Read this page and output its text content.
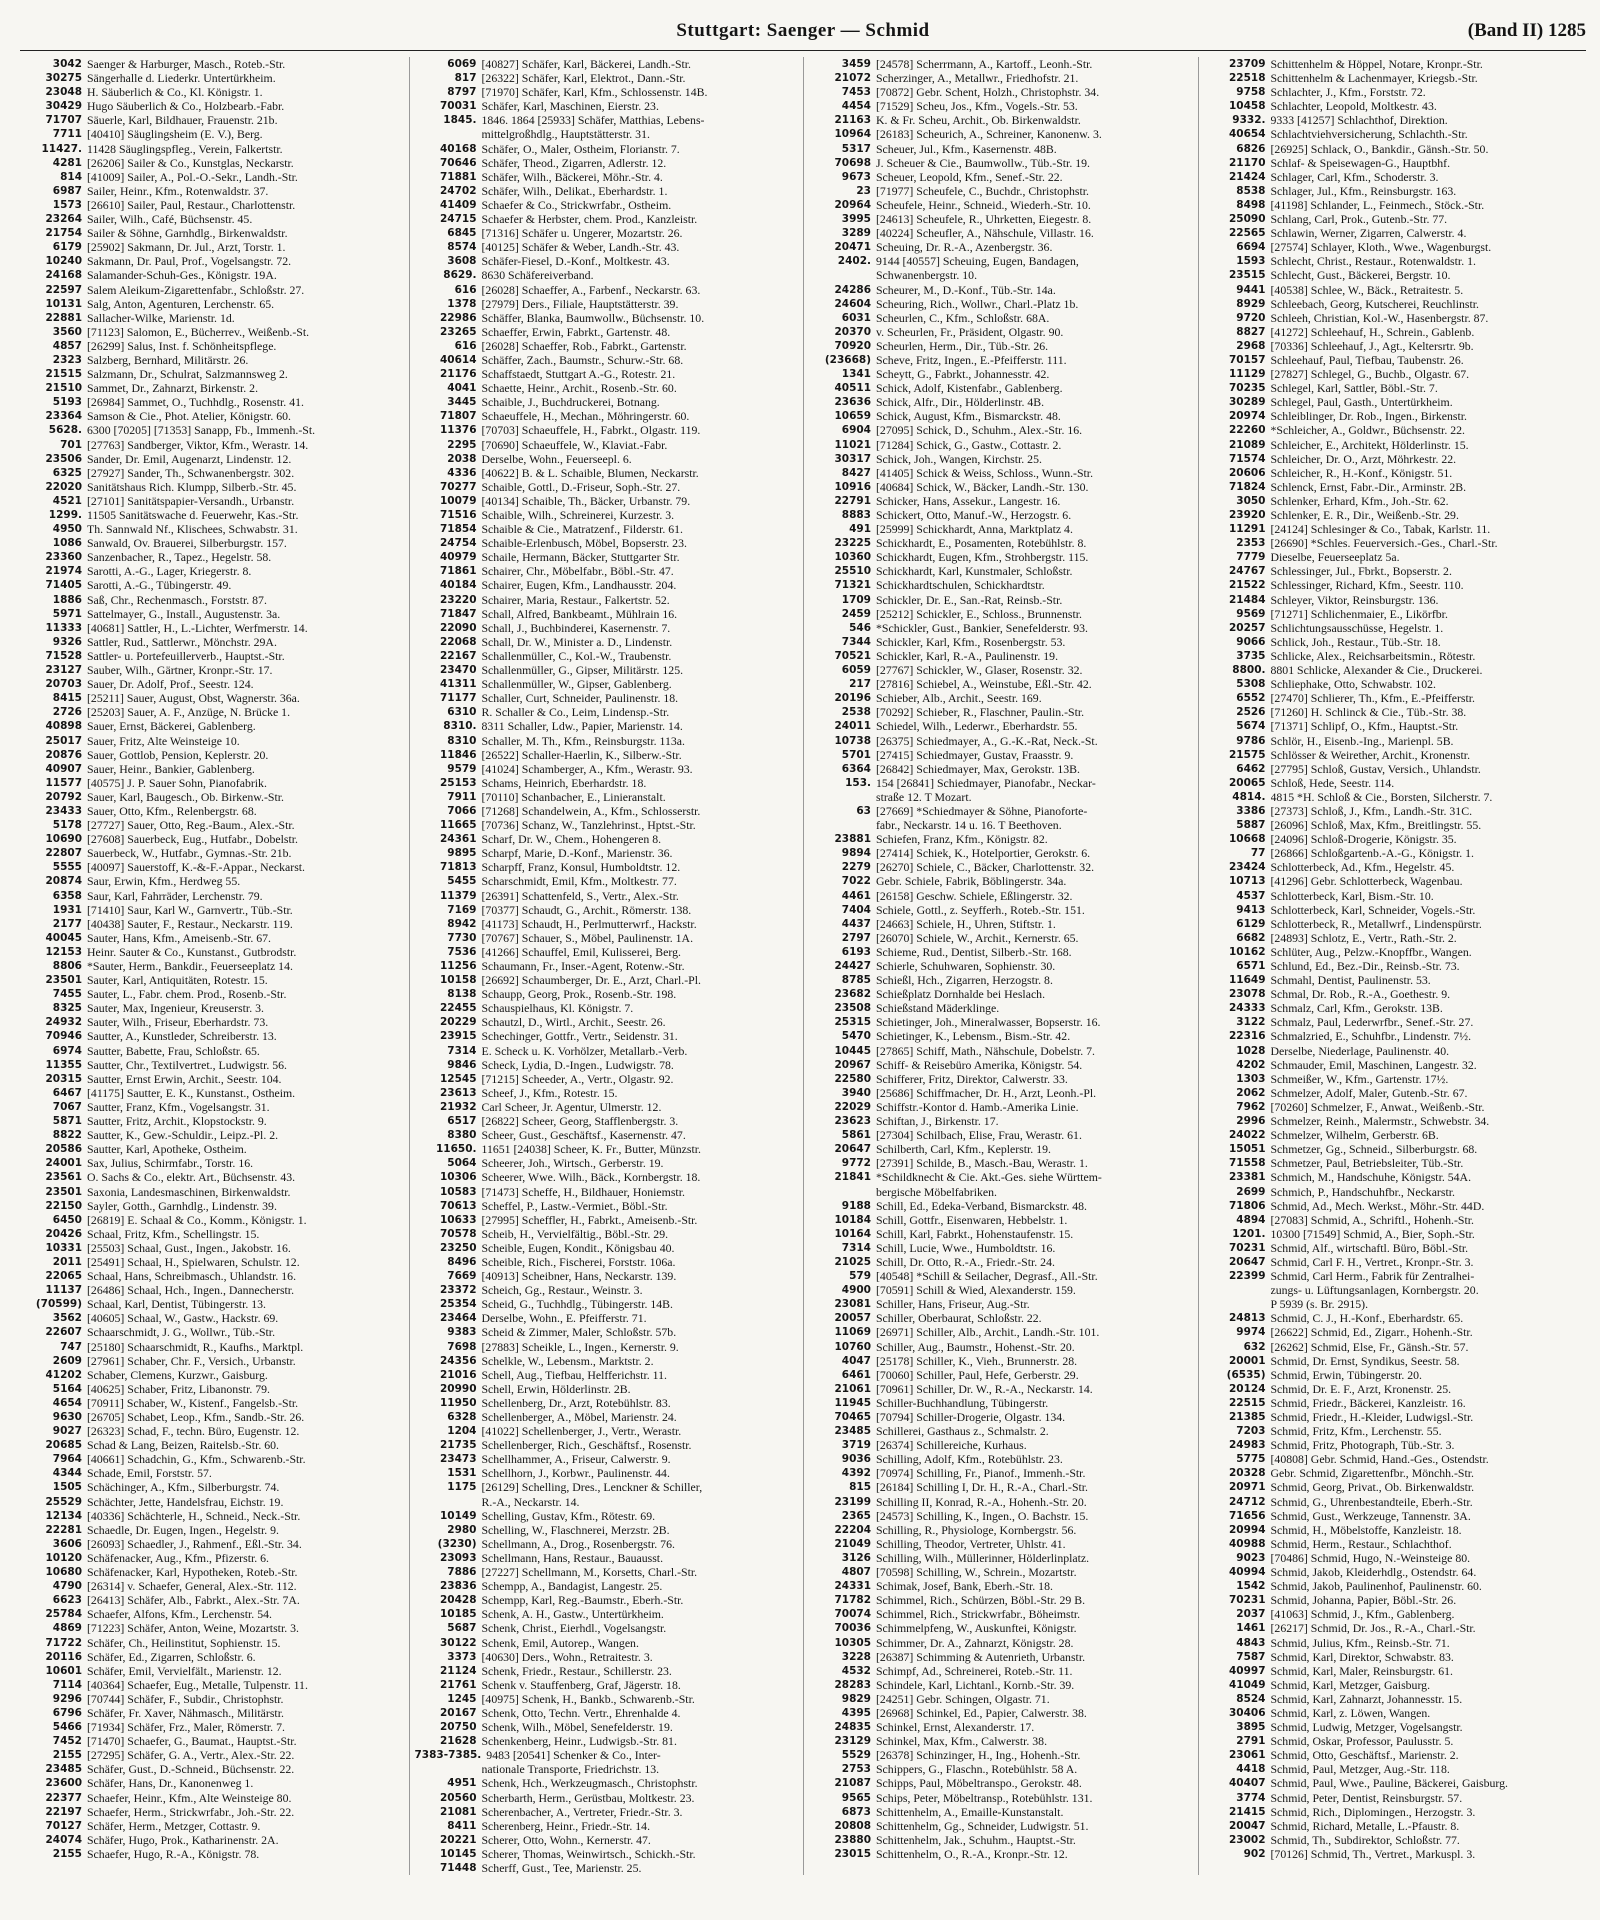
Stuttgart: Saenger — Schmid	(Band II) 1285
3042 Saenger & Harburger, Masch., Roteb.-Str.
30275 Sängerhalle d. Liederkr. Untertürkheim.
23048 H. Säuberlich & Co., Kl. Königstr. 1.
30429 Hugo Säuberlich & Co., Holzbearb.-Fabr.
71707 Säuerle, Karl, Bildhauer, Frauenstr. 21b.
7711 [40410] Säuglingsheim (E. V.), Berg.
11427. 11428 Säuglingspfleg., Verein, Falkertstr.
4281 [26206] Sailer & Co., Kunstglas, Neckarstr.
814 [41009] Sailer, A., Pol.-O.-Sekr., Landh.-Str.
6987 Sailer, Heinr., Kfm., Rotenwaldstr. 37.
1573 [26610] Sailer, Paul, Restaur., Charlottenstr.
23264 Sailer, Wilh., Café, Büchsenstr. 45.
21754 Sailer & Söhne, Garnhdlg., Birkenwaldstr.
6179 [25902] Sakmann, Dr. Jul., Arzt, Torstr. 1.
10240 Sakmann, Dr. Paul, Prof., Vogelsangstr. 72.
24168 Salamander-Schuh-Ges., Königstr. 19A.
22597 Salem Aleikum-Zigarettenfabr., Schloßstr. 27.
10131 Salg, Anton, Agenturen, Lerchenstr. 65.
22881 Sallacher-Wilke, Marienstr. 1d.
3560 [71123] Salomon, E., Bücherrev., Weißenb.-St.
4857 [26299] Salus, Inst. f. Schönheitspflege.
2323 Salzberg, Bernhard, Militärstr. 26.
21515 Salzmann, Dr., Schulrat, Salzmannsweg 2.
21510 Sammet, Dr., Zahnarzt, Birkenstr. 2.
5193 [26984] Sammet, O., Tuchhdlg., Rosenstr. 41.
23364 Samson & Cie., Phot. Atelier, Königstr. 60.
5628. 6300 [70205] [71353] Sanapp, Fb., Immenh.-St.
701 [27763] Sandberger, Viktor, Kfm., Werastr. 14.
23506 Sander, Dr. Emil, Augenarzt, Lindenstr. 12.
6325 [27927] Sander, Th., Schwanenbergstr. 302.
22020 Sanitätshaus Rich. Klumpp, Silberb.-Str. 45.
4521 [27101] Sanitätspapier-Versandh., Urbanstr.
1299. 11505 Sanitätswache d. Feuerwehr, Kas.-Str.
4950 Th. Sannwald Nf., Klischees, Schwabstr. 31.
1086 Sanwald, Ov. Brauerei, Silberburgstr. 157.
23360 Sanzenbacher, R., Tapez., Hegelstr. 58.
21974 Sarotti, A.-G., Lager, Kriegerstr. 8.
71405 Sarotti, A.-G., Tübingerstr. 49.
1886 Saß, Chr., Rechenmasch., Forststr. 87.
5971 Sattelmayer, G., Install., Augustenstr. 3a.
11333 [40681] Sattler, H., L.-Lichter, Werfmerstr. 14.
9326 Sattler, Rud., Sattlerwr., Mönchstr. 29A.
71528 Sattler- u. Portefeuillerverb., Hauptst.-Str.
23127 Sauber, Wilh., Gärtner, Kronpr.-Str. 17.
20703 Sauer, Dr. Adolf, Prof., Seestr. 124.
8415 [25211] Sauer, August, Obst, Wagnerstr. 36a.
2726 [25203] Sauer, A. F., Anzüge, N. Brücke 1.
40898 Sauer, Ernst, Bäckerei, Gablenberg.
25017 Sauer, Fritz, Alte Weinsteige 10.
20876 Sauer, Gottlob, Pension, Keplerstr. 20.
40907 Sauer, Heinr., Bankier, Gablenberg.
11577 [40575] J. P. Sauer Sohn, Pianofabrik.
20792 Sauer, Karl, Baugesch., Ob. Birkenw.-Str.
23433 Sauer, Otto, Kfm., Relenbergstr. 68.
5178 [27727] Sauer, Otto, Reg.-Baum., Alex.-Str.
10690 [27608] Sauerbeck, Eug., Hutfabr., Dobelstr.
22807 Sauerbeck, W., Hutfabr., Gymnas.-Str. 21b.
5555 [40097] Sauerstoff, K.-&-F.-Appar., Neckarst.
20874 Saur, Erwin, Kfm., Herdweg 55.
6358 Saur, Karl, Fahrräder, Lerchenstr. 79.
1931 [71410] Saur, Karl W., Garnvertr., Tüb.-Str.
2177 [40438] Sauter, F., Restaur., Neckarstr. 119.
40045 Sauter, Hans, Kfm., Ameisenb.-Str. 67.
12153 Heinr. Sauter & Co., Kunstanst., Gutbrodstr.
8806 *Sauter, Herm., Bankdir., Feuerseeplatz 14.
23501 Sauter, Karl, Antiquitäten, Rotestr. 15.
7455 Sauter, L., Fabr. chem. Prod., Rosenb.-Str.
8325 Sauter, Max, Ingenieur, Kreuserstr. 3.
24932 Sauter, Wilh., Friseur, Eberhardstr. 73.
70946 Sautter, A., Kunstleder, Schreiberstr. 13.
6974 Sautter, Babette, Frau, Schloßstr. 65.
11355 Sautter, Chr., Textilvertret., Ludwigstr. 56.
20315 Sautter, Ernst Erwin, Archit., Seestr. 104.
6467 [41175] Sautter, E. K., Kunstanst., Ostheim.
7067 Sautter, Franz, Kfm., Vogelsangstr. 31.
5871 Sautter, Fritz, Archit., Klopstockstr. 9.
8822 Sautter, K., Gew.-Schuldir., Leipz.-Pl. 2.
20586 Sautter, Karl, Apotheke, Ostheim.
24001 Sax, Julius, Schirmfabr., Torstr. 16.
23561 O. Sachs & Co., elektr. Art., Büchsenstr. 43.
23501 Saxonia, Landesmaschinen, Birkenwaldstr.
22150 Sayler, Gotth., Garnhdlg., Lindenstr. 39.
6450 [26819] E. Schaal & Co., Komm., Königstr. 1.
20426 Schaal, Fritz, Kfm., Schellingstr. 15.
10331 [25503] Schaal, Gust., Ingen., Jakobstr. 16.
2011 [25491] Schaal, H., Spielwaren, Schulstr. 12.
22065 Schaal, Hans, Schreibmasch., Uhlandstr. 16.
11137 [26486] Schaal, Hch., Ingen., Dannecherstr.
(70599) Schaal, Karl, Dentist, Tübingerstr. 13.
3562 [40605] Schaal, W., Gastw., Hackstr. 69.
22607 Schaarschmidt, J. G., Wollwr., Tüb.-Str.
747 [25180] Schaarschmidt, R., Kaufhs., Marktpl.
2609 [27961] Schaber, Chr. F., Versich., Urbanstr.
41202 Schaber, Clemens, Kurzwr., Gaisburg.
5164 [40625] Schaber, Fritz, Libanonstr. 79.
4654 [70911] Schaber, W., Kistenf., Fangelsb.-Str.
9630 [26705] Schabet, Leop., Kfm., Sandb.-Str. 26.
9027 [26323] Schad, F., techn. Büro, Eugenstr. 12.
20685 Schad & Lang, Beizen, Raitelsb.-Str. 60.
7964 [40661] Schadchin, G., Kfm., Schwarenb.-Str.
4344 Schade, Emil, Forststr. 57.
1505 Schächinger, A., Kfm., Silberburgstr. 74.
25529 Schächter, Jette, Handelsfrau, Eichstr. 19.
12134 [40336] Schächterle, H., Schneid., Neck.-Str.
22281 Schaedle, Dr. Eugen, Ingen., Hegelstr. 9.
3606 [26093] Schaedler, J., Rahmenf., Eßl.-Str. 34.
10120 Schäfenacker, Aug., Kfm., Pfizerstr. 6.
10680 Schäfenacker, Karl, Hypotheken, Roteb.-Str.
4790 [26314] v. Schaefer, General, Alex.-Str. 112.
6623 [26413] Schäfer, Alb., Fabrkt., Alex.-Str. 7A.
25784 Schaefer, Alfons, Kfm., Lerchenstr. 54.
4869 [71223] Schäfer, Anton, Weine, Mozartstr. 3.
71722 Schäfer, Ch., Heilinstitut, Sophienstr. 15.
20116 Schäfer, Ed., Zigarren, Schloßstr. 6.
10601 Schäfer, Emil, Vervielfält., Marienstr. 12.
7114 [40364] Schaefer, Eug., Metalle, Tulpenstr. 11.
9296 [70744] Schäfer, F., Subdir., Christophstr.
6796 Schäfer, Fr. Xaver, Nähmasch., Militärstr.
5466 [71934] Schäfer, Frz., Maler, Römerstr. 7.
7452 [71470] Schaefer, G., Baumat., Hauptst.-Str.
2155 [27295] Schäfer, G. A., Vertr., Alex.-Str. 22.
23485 Schäfer, Gust., D.-Schneid., Büchsenstr. 22.
23600 Schäfer, Hans, Dr., Kanonenweg 1.
22377 Schaefer, Heinr., Kfm., Alte Weinsteige 80.
22197 Schaefer, Herm., Strickwrfabr., Joh.-Str. 22.
70127 Schäfer, Herm., Metzger, Cottastr. 9.
24074 Schäfer, Hugo, Prok., Katharinenstr. 2A.
2155 Schaefer, Hugo, R.-A., Königstr. 78.
6069 [40827] Schäfer, Karl, Bäckerei, Landh.-Str.
817 [26322] Schäfer, Karl, Elektrot., Dann.-Str.
8797 [71970] Schäfer, Karl, Kfm., Schlossenstr. 14B.
70031 Schäfer, Karl, Maschinen, Eierstr. 23.
1845. 1846. 1864 [25933] Schäfer, Matthias, Lebens-
mittelgroßhdlg., Hauptstätterstr. 31.
40168 Schäfer, O., Maler, Ostheim, Florianstr. 7.
70646 Schäfer, Theod., Zigarren, Adlerstr. 12.
71881 Schäfer, Wilh., Bäckerei, Möhr.-Str. 4.
24702 Schäfer, Wilh., Delikat., Eberhardstr. 1.
41409 Schaefer & Co., Strickwrfabr., Ostheim.
24715 Schaefer & Herbster, chem. Prod., Kanzleistr.
6845 [71316] Schäfer u. Ungerer, Mozartstr. 26.
8574 [40125] Schäfer & Weber, Landh.-Str. 43.
3608 Schäfer-Fiesel, D.-Konf., Moltkestr. 43.
8629. 8630 Schäfereiverband.
616 [26028] Schaeffer, A., Farbenf., Neckarstr. 63.
1378 [27979] Ders., Filiale, Hauptstätterstr. 39.
22986 Schäffer, Blanka, Baumwollw., Büchsenstr. 10.
23265 Schaeffer, Erwin, Fabrkt., Gartenstr. 48.
616 [26028] Schaeffer, Rob., Fabrkt., Gartenstr.
40614 Schäffer, Zach., Baumstr., Schurw.-Str. 68.
21176 Schaffstaedt, Stuttgart A.-G., Rotestr. 21.
4041 Schaette, Heinr., Archit., Rosenb.-Str. 60.
3445 Schaible, J., Buchdruckerei, Botnang.
71807 Schaeuffele, H., Mechan., Möhringerstr. 60.
11376 [70703] Schaeuffele, H., Fabrkt., Olgastr. 119.
2295 [70690] Schaeuffele, W., Klaviat.-Fabr.
2038 Derselbe, Wohn., Feuerseepl. 6.
4336 [40622] B. & L. Schaible, Blumen, Neckarstr.
70277 Schaible, Gottl., D.-Friseur, Soph.-Str. 27.
10079 [40134] Schaible, Th., Bäcker, Urbanstr. 79.
71516 Schaible, Wilh., Schreinerei, Kurzestr. 3.
71854 Schaible & Cie., Matratzenf., Filderstr. 61.
24754 Schaible-Erlenbusch, Möbel, Bopserstr. 23.
40979 Schaile, Hermann, Bäcker, Stuttgarter Str.
71861 Schairer, Chr., Möbelfabr., Böbl.-Str. 47.
40184 Schairer, Eugen, Kfm., Landhausstr. 204.
23220 Schairer, Maria, Restaur., Falkertstr. 52.
71847 Schall, Alfred, Bankbeamt., Mühlrain 16.
22090 Schall, J., Buchbinderei, Kasernenstr. 7.
22068 Schall, Dr. W., Minister a. D., Lindenstr.
22167 Schallenmüller, C., Kol.-W., Traubenstr.
23470 Schallenmüller, G., Gipser, Militärstr. 125.
41311 Schallenmüller, W., Gipser, Gablenberg.
71177 Schaller, Curt, Schneider, Paulinenstr. 18.
6310 R. Schaller & Co., Leim, Lindensp.-Str.
8310. 8311 Schaller, Ldw., Papier, Marienstr. 14.
8310 Schaller, M. Th., Kfm., Reinsburgstr. 113a.
11846 [26522] Schaller-Haerlin, K., Silberw.-Str.
9579 [41024] Schamberger, A., Kfm., Werastr. 93.
25153 Schams, Heinrich, Eberhardstr. 18.
7911 [70110] Schanbacher, E., Linieranstalt.
7066 [71268] Schandelwein, A., Kfm., Schlosserstr.
11665 [70736] Schanz, W., Tanzlehrinst., Hptst.-Str.
24361 Scharf, Dr. W., Chem., Hohengeren 8.
9895 Scharpf, Marie, D.-Konf., Marienstr. 36.
71813 Scharpff, Franz, Konsul, Humboldtstr. 12.
5455 Scharschmidt, Emil, Kfm., Moltkestr. 77.
11379 [26391] Schattenfeld, S., Vertr., Alex.-Str.
7169 [70377] Schaudt, G., Archit., Römerstr. 138.
8942 [41173] Schaudt, H., Perlmutterwrf., Hackstr.
7730 [70767] Schauer, S., Möbel, Paulinenstr. 1A.
7536 [41266] Schauffel, Emil, Kulisserei, Berg.
11256 Schaumann, Fr., Inser.-Agent, Rotenw.-Str.
10158 [26692] Schaumberger, Dr. E., Arzt, Charl.-Pl.
8138 Schaupp, Georg, Prok., Rosenb.-Str. 198.
22455 Schauspielhaus, Kl. Königstr. 7.
20229 Schautzl, D., Wirtl., Archit., Seestr. 26.
23915 Schechinger, Gottfr., Vertr., Seidenstr. 31.
7314 E. Scheck u. K. Vorhölzer, Metallarb.-Verb.
9846 Scheck, Lydia, D.-Ingen., Ludwigstr. 78.
12545 [71215] Scheeder, A., Vertr., Olgastr. 92.
23613 Scheef, J., Kfm., Rotestr. 15.
21932 Carl Scheer, Jr. Agentur, Ulmerstr. 12.
6517 [26822] Scheer, Georg, Stafflenbergstr. 3.
8380 Scheer, Gust., Geschäftsf., Kasernenstr. 47.
11650. 11651 [24038] Scheer, K. Fr., Butter, Münzstr.
5064 Scheerer, Joh., Wirtsch., Gerberstr. 19.
10306 Scheerer, Wwe. Wilh., Bäck., Kornbergstr. 18.
10583 [71473] Scheffe, H., Bildhauer, Honiemstr.
70613 Scheffel, P., Lastw.-Vermiet., Böbl.-Str.
10633 [27995] Scheffler, H., Fabrkt., Ameisenb.-Str.
70578 Scheib, H., Vervielfältig., Böbl.-Str. 29.
23250 Scheible, Eugen, Kondit., Königsbau 40.
8496 Scheible, Rich., Fischerei, Forststr. 106a.
7669 [40913] Scheibner, Hans, Neckarstr. 139.
23372 Scheich, Gg., Restaur., Weinstr. 3.
25354 Scheid, G., Tuchhdlg., Tübingerstr. 14B.
23464 Derselbe, Wohn., E. Pfeifferstr. 71.
9383 Scheid & Zimmer, Maler, Schloßstr. 57b.
7698 [27883] Scheikle, L., Ingen., Kernerstr. 9.
24356 Schelkle, W., Lebensm., Marktstr. 2.
21016 Schell, Aug., Tiefbau, Helfferichstr. 11.
20990 Schell, Erwin, Hölderlinstr. 2B.
11950 Schellenberg, Dr., Arzt, Rotebühlstr. 83.
6328 Schellenberger, A., Möbel, Marienstr. 24.
1204 [41022] Schellenberger, J., Vertr., Werastr.
21735 Schellenberger, Rich., Geschäftsf., Rosenstr.
23473 Schellhammer, A., Friseur, Calwerstr. 9.
1531 Schellhorn, J., Korbwr., Paulinenstr. 44.
1175 [26129] Schelling, Dres., Lenckner & Schiller,
R.-A., Neckarstr. 14.
10149 Schelling, Gustav, Kfm., Rötestr. 69.
2980 Schelling, W., Flaschnerei, Merzstr. 2B.
(3230) Schellmann, A., Drog., Rosenbergstr. 76.
23093 Schellmann, Hans, Restaur., Bauausst.
7886 [27227] Schellmann, M., Korsetts, Charl.-Str.
23836 Schempp, A., Bandagist, Langestr. 25.
20428 Schempp, Karl, Reg.-Baumstr., Eberh.-Str.
10185 Schenk, A. H., Gastw., Untertürkheim.
5687 Schenk, Christ., Eierhdl., Vogelsangstr.
30122 Schenk, Emil, Autorep., Wangen.
3373 [40630] Ders., Wohn., Retraitestr. 3.
21124 Schenk, Friedr., Restaur., Schillerstr. 23.
21761 Schenk v. Stauffenberg, Graf, Jägerstr. 18.
1245 [40975] Schenk, H., Bankb., Schwarenb.-Str.
20167 Schenk, Otto, Techn. Vertr., Ehrenhalde 4.
20750 Schenk, Wilh., Möbel, Senefelderstr. 19.
21628 Schenkenberg, Heinr., Ludwigsb.-Str. 81.
7383-7385. 9483 [20541] Schenker & Co., Inter-
nationale Transporte, Friedrichstr. 13.
4951 Schenk, Hch., Werkzeugmasch., Christophstr.
20560 Scherbarth, Herm., Gerüstbau, Moltkestr. 23.
21081 Scherenbacher, A., Vertreter, Friedr.-Str. 3.
8411 Scherenberg, Heinr., Friedr.-Str. 14.
20221 Scherer, Otto, Wohn., Kernerstr. 47.
10145 Scherer, Thomas, Weinwirtsch., Schickh.-Str.
71448 Scherff, Gust., Tee, Marienstr. 25.
3459 [24578] Scherrmann, A., Kartoff., Leonh.-Str.
21072 Scherzinger, A., Metallwr., Friedhofstr. 21.
7453 [70872] Gebr. Schent, Holzh., Christophstr. 34.
4454 [71529] Scheu, Jos., Kfm., Vogels.-Str. 53.
21163 K. & Fr. Scheu, Archit., Ob. Birkenwaldstr.
10964 [26183] Scheurich, A., Schreiner, Kanonenw. 3.
5317 Scheuer, Jul., Kfm., Kasernenstr. 48B.
70698 J. Scheuer & Cie., Baumwollw., Tüb.-Str. 19.
9673 Scheuer, Leopold, Kfm., Senef.-Str. 22.
23 [71977] Scheufele, C., Buchdr., Christophstr.
20964 Scheufele, Heinr., Schneid., Wiederh.-Str. 10.
3995 [24613] Scheufele, R., Uhrketten, Eiegestr. 8.
3289 [40224] Scheufler, A., Nähschule, Villastr. 16.
20471 Scheuing, Dr. R.-A., Azenbergstr. 36.
2402. 9144 [40557] Scheuing, Eugen, Bandagen,
Schwanenbergstr. 10.
24286 Scheurer, M., D.-Konf., Tüb.-Str. 14a.
24604 Scheuring, Rich., Wollwr., Charl.-Platz 1b.
6031 Scheurlen, C., Kfm., Schloßstr. 68A.
20370 v. Scheurlen, Fr., Präsident, Olgastr. 90.
70920 Scheurlen, Herm., Dir., Tüb.-Str. 26.
(23668) Scheve, Fritz, Ingen., E.-Pfeifferstr. 111.
1341 Scheytt, G., Fabrkt., Johannesstr. 42.
40511 Schick, Adolf, Kistenfabr., Gablenberg.
23636 Schick, Alfr., Dir., Hölderlinstr. 4B.
10659 Schick, August, Kfm., Bismarckstr. 48.
6904 [27095] Schick, D., Schuhm., Alex.-Str. 16.
11021 [71284] Schick, G., Gastw., Cottastr. 2.
30317 Schick, Joh., Wangen, Kirchstr. 25.
8427 [41405] Schick & Weiss, Schloss., Wunn.-Str.
10916 [40684] Schick, W., Bäcker, Landh.-Str. 130.
22791 Schicker, Hans, Assekur., Langestr. 16.
8883 Schickert, Otto, Manuf.-W., Herzogstr. 6.
491 [25999] Schickhardt, Anna, Marktplatz 4.
23225 Schickhardt, E., Posamenten, Rotebühlstr. 8.
10360 Schickhardt, Eugen, Kfm., Strohbergstr. 115.
25510 Schickhardt, Karl, Kunstmaler, Schloßstr.
71321 Schickhardtschulen, Schickhardtstr.
1709 Schickler, Dr. E., San.-Rat, Reinsb.-Str.
2459 [25212] Schickler, E., Schloss., Brunnenstr.
546 *Schickler, Gust., Bankier, Senefelderstr. 93.
7344 Schickler, Karl, Kfm., Rosenbergstr. 53.
70521 Schickler, Karl, R.-A., Paulinenstr. 19.
6059 [27767] Schickler, W., Glaser, Rosenstr. 32.
217 [27816] Schiebel, A., Weinstube, Eßl.-Str. 42.
20196 Schieber, Alb., Archit., Seestr. 169.
2538 [70292] Schieber, R., Flaschner, Paulin.-Str.
24011 Schiedel, Wilh., Lederwr., Eberhardstr. 55.
10738 [26375] Schiedmayer, A., G.-K.-Rat, Neck.-St.
5701 [27415] Schiedmayer, Gustav, Fraasstr. 9.
6364 [26842] Schiedmayer, Max, Gerokstr. 13B.
153. 154 [26841] Schiedmayer, Pianofabr., Neckar-
straße 12. T Mozart.
63 [27669] *Schiedmayer & Söhne, Pianoforte-
fabr., Neckarstr. 14 u. 16. T Beethoven.
23881 Schiefen, Franz, Kfm., Königstr. 82.
9894 [27414] Schiek, K., Hotelportier, Gerokstr. 6.
2279 [26270] Schiele, C., Bäcker, Charlottenstr. 32.
7022 Gebr. Schiele, Fabrik, Böblingerstr. 34a.
4461 [26158] Geschw. Schiele, Eßlingerstr. 32.
7404 Schiele, Gottl., z. Seyfferh., Roteb.-Str. 151.
4437 [24663] Schiele, H., Uhren, Stiftstr. 1.
2797 [26070] Schiele, W., Archit., Kernerstr. 65.
6193 Schieme, Rud., Dentist, Silberb.-Str. 168.
24427 Schierle, Schuhwaren, Sophienstr. 30.
8785 Schießl, Hch., Zigarren, Herzogstr. 8.
23682 Schießplatz Dornhalde bei Heslach.
23508 Schießstand Mäderklinge.
25315 Schietinger, Joh., Mineralwasser, Bopserstr. 16.
5470 Schietinger, K., Lebensm., Bism.-Str. 42.
10445 [27865] Schiff, Math., Nähschule, Dobelstr. 7.
20967 Schiff- & Reisebüro Amerika, Königstr. 54.
22580 Schifferer, Fritz, Direktor, Calwerstr. 33.
3940 [25686] Schiffmacher, Dr. H., Arzt, Leonh.-Pl.
22029 Schiffstr.-Kontor d. Hamb.-Amerika Linie.
23623 Schiftan, J., Birkenstr. 17.
5861 [27304] Schilbach, Elise, Frau, Werastr. 61.
20647 Schilberth, Carl, Kfm., Keplerstr. 19.
9772 [27391] Schilde, B., Masch.-Bau, Werastr. 1.
21841 *Schildknecht & Cie. Akt.-Ges. siehe Württem-
bergische Möbelfabriken.
9188 Schill, Ed., Edeka-Verband, Bismarckstr. 48.
10184 Schill, Gottfr., Eisenwaren, Hebbelstr. 1.
10164 Schill, Karl, Fabrkt., Hohenstaufenstr. 15.
7314 Schill, Lucie, Wwe., Humboldtstr. 16.
21025 Schill, Dr. Otto, R.-A., Friedr.-Str. 24.
579 [40548] *Schill & Seilacher, Degrasf., All.-Str.
4900 [70591] Schill & Wied, Alexanderstr. 159.
23081 Schiller, Hans, Friseur, Aug.-Str.
20057 Schiller, Oberbaurat, Schloßstr. 22.
11069 [26971] Schiller, Alb., Archit., Landh.-Str. 101.
10760 Schiller, Aug., Baumstr., Hohenst.-Str. 20.
4047 [25178] Schiller, K., Vieh., Brunnerstr. 28.
6461 [70060] Schiller, Paul, Hefe, Gerberstr. 29.
21061 [70961] Schiller, Dr. W., R.-A., Neckarstr. 14.
11945 Schiller-Buchhandlung, Tübingerstr.
70465 [70794] Schiller-Drogerie, Olgastr. 134.
23485 Schillerei, Gasthaus z., Schmalstr. 2.
3719 [26374] Schillereiche, Kurhaus.
9036 Schilling, Adolf, Kfm., Rotebühlstr. 23.
4392 [70974] Schilling, Fr., Pianof., Immenh.-Str.
815 [26184] Schilling I, Dr. H., R.-A., Charl.-Str.
23199 Schilling II, Konrad, R.-A., Hohenh.-Str. 20.
2365 [24573] Schilling, K., Ingen., O. Bachstr. 15.
22204 Schilling, R., Physiologe, Kornbergstr. 56.
21049 Schilling, Theodor, Vertreter, Uhlstr. 41.
3126 Schilling, Wilh., Müllerinner, Hölderlinplatz.
4807 [70598] Schilling, W., Schrein., Mozartstr.
24331 Schimak, Josef, Bank, Eberh.-Str. 18.
71782 Schimmel, Rich., Schürzen, Böbl.-Str. 29 B.
70074 Schimmel, Rich., Strickwrfabr., Böheimstr.
70036 Schimmelpfeng, W., Auskunftei, Königstr.
10305 Schimmer, Dr. A., Zahnarzt, Königstr. 28.
3228 [26387] Schimming & Autenrieth, Urbanstr.
4532 Schimpf, Ad., Schreinerei, Roteb.-Str. 11.
28283 Schindele, Karl, Lichtanl., Kornb.-Str. 39.
9829 [24251] Gebr. Schingen, Olgastr. 71.
4395 [26968] Schinkel, Ed., Papier, Calwerstr. 38.
24835 Schinkel, Ernst, Alexanderstr. 17.
23129 Schinkel, Max, Kfm., Calwerstr. 38.
5529 [26378] Schinzinger, H., Ing., Hohenh.-Str.
2753 Schippers, G., Flaschn., Rotebühlstr. 58 A.
21087 Schipps, Paul, Möbeltranspo., Gerokstr. 48.
9565 Schips, Peter, Möbeltransp., Rotebühlstr. 131.
6873 Schittenhelm, A., Emaille-Kunstanstalt.
20808 Schittenhelm, Gg., Schneider, Ludwigstr. 51.
23880 Schittenhelm, Jak., Schuhm., Hauptst.-Str.
23015 Schittenhelm, O., R.-A., Kronpr.-Str. 12.
23709 Schittenhelm & Höppel, Notare, Kronpr.-Str.
22518 Schittenhelm & Lachenmayer, Kriegsb.-Str.
9758 Schlachter, J., Kfm., Forststr. 72.
10458 Schlachter, Leopold, Moltkestr. 43.
9332. 9333 [41257] Schlachthof, Direktion.
40654 Schlachtviehversicherung, Schlachth.-Str.
6826 [26925] Schlack, O., Bankdir., Gänsh.-Str. 50.
21170 Schlaf- & Speisewagen-G., Hauptbhf.
21424 Schlager, Carl, Kfm., Schoderstr. 3.
8538 Schlager, Jul., Kfm., Reinsburgstr. 163.
8498 [41198] Schlander, L., Feinmech., Stöck.-Str.
25090 Schlang, Carl, Prok., Gutenb.-Str. 77.
22565 Schlawin, Werner, Zigarren, Calwerstr. 4.
6694 [27574] Schlayer, Kloth., Wwe., Wagenburgst.
1593 Schlecht, Christ., Restaur., Rotenwaldstr. 1.
23515 Schlecht, Gust., Bäckerei, Bergstr. 10.
9441 [40538] Schlee, W., Bäck., Retraitestr. 5.
8929 Schleebach, Georg, Kutscherei, Reuchlinstr.
9720 Schleeh, Christian, Kol.-W., Hasenbergstr. 87.
8827 [41272] Schleehauf, H., Schrein., Gablenb.
2968 [70336] Schleehauf, J., Agt., Keltersrtr. 9b.
70157 Schleehauf, Paul, Tiefbau, Taubenstr. 26.
11129 [27827] Schlegel, G., Buchb., Olgastr. 67.
70235 Schlegel, Karl, Sattler, Böbl.-Str. 7.
30289 Schlegel, Paul, Gasth., Untertürkheim.
20974 Schleiblinger, Dr. Rob., Ingen., Birkenstr.
22260 *Schleicher, A., Goldwr., Büchsenstr. 22.
21089 Schleicher, E., Architekt, Hölderlinstr. 15.
71574 Schleicher, Dr. O., Arzt, Möhrkestr. 22.
20606 Schleicher, R., H.-Konf., Königstr. 51.
71824 Schlenck, Ernst, Fabr.-Dir., Arminstr. 2B.
3050 Schlenker, Erhard, Kfm., Joh.-Str. 62.
23920 Schlenker, E. R., Dir., Weißenb.-Str. 29.
11291 [24124] Schlesinger & Co., Tabak, Karlstr. 11.
2353 [26690] *Schles. Feuerversich.-Ges., Charl.-Str.
7779 Dieselbe, Feuerseeplatz 5a.
24767 Schlessinger, Jul., Fbrkt., Bopserstr. 2.
21522 Schlessinger, Richard, Kfm., Seestr. 110.
21484 Schleyer, Viktor, Reinsburgstr. 136.
9569 [71271] Schlichenmaier, E., Likörfbr.
20257 Schlichtungsausschüsse, Hegelstr. 1.
9066 Schlick, Joh., Restaur., Tüb.-Str. 18.
3735 Schlicke, Alex., Reichsarbeitsmin., Rötestr.
8800. 8801 Schlicke, Alexander & Cie., Druckerei.
5308 Schliephake, Otto, Schwabstr. 102.
6552 [27470] Schlierer, Th., Kfm., E.-Pfeifferstr.
2526 [71260] H. Schlinck & Cie., Tüb.-Str. 38.
5674 [71371] Schlipf, O., Kfm., Hauptst.-Str.
9786 Schlör, H., Eisenb.-Ing., Marienpl. 5B.
21575 Schlösser & Weirether, Archit., Kronenstr.
6462 [27795] Schloß, Gustav, Versich., Uhlandstr.
20065 Schloß, Hede, Seestr. 114.
4814. 4815 *H. Schloß & Cie., Borsten, Silcherstr. 7.
3386 [27373] Schloß, J., Kfm., Landh.-Str. 31C.
5887 [26096] Schloß, Max, Kfm., Breitlingstr. 55.
10668 [24096] Schloß-Drogerie, Königstr. 35.
77 [26866] Schloßgartenb.-A.-G., Königstr. 1.
23424 Schlotterbeck, Ad., Kfm., Hegelstr. 45.
10713 [41296] Gebr. Schlotterbeck, Wagenbau.
4537 Schlotterbeck, Karl, Bism.-Str. 10.
9413 Schlotterbeck, Karl, Schneider, Vogels.-Str.
6129 Schlotterbeck, R., Metallwrf., Lindenspürstr.
6682 [24893] Schlotz, E., Vertr., Rath.-Str. 2.
10162 Schlüter, Aug., Pelzw.-Knopffbr., Wangen.
6571 Schlund, Ed., Bez.-Dir., Reinsb.-Str. 73.
11649 Schmahl, Dentist, Paulinenstr. 53.
23078 Schmal, Dr. Rob., R.-A., Goethestr. 9.
24333 Schmalz, Carl, Kfm., Gerokstr. 13B.
3122 Schmalz, Paul, Lederwrfbr., Senef.-Str. 27.
22316 Schmalzried, E., Schuhfbr., Lindenstr. 7½.
1028 Derselbe, Niederlage, Paulinenstr. 40.
4202 Schmauder, Emil, Maschinen, Langestr. 32.
1303 Schmeißer, W., Kfm., Gartenstr. 17½.
2062 Schmelzer, Adolf, Maler, Gutenb.-Str. 67.
7962 [70260] Schmelzer, F., Anwat., Weißenb.-Str.
2996 Schmelzer, Reinh., Malermstr., Schwebstr. 34.
24022 Schmelzer, Wilhelm, Gerberstr. 6B.
15051 Schmetzer, Gg., Schneid., Silberburgstr. 68.
71558 Schmetzer, Paul, Betriebsleiter, Tüb.-Str.
23381 Schmich, M., Handschuhe, Königstr. 54A.
2699 Schmich, P., Handschuhfbr., Neckarstr.
71806 Schmid, Ad., Mech. Werkst., Möhr.-Str. 44D.
4894 [27083] Schmid, A., Schriftl., Hohenh.-Str.
1201. 10300 [71549] Schmid, A., Bier, Soph.-Str.
70231 Schmid, Alf., wirtschaftl. Büro, Böbl.-Str.
20647 Schmid, Carl F. H., Vertret., Kronpr.-Str. 3.
22399 Schmid, Carl Herm., Fabrik für Zentralhei-
zungs- u. Lüftungsanlagen, Kornbergstr. 20.
P 5939 (s. Br. 2915).
24813 Schmid, C. J., H.-Konf., Eberhardstr. 65.
9974 [26622] Schmid, Ed., Zigarr., Hohenh.-Str.
632 [26262] Schmid, Else, Fr., Gänsh.-Str. 57.
20001 Schmid, Dr. Ernst, Syndikus, Seestr. 58.
(6535) Schmid, Erwin, Tübingerstr. 20.
20124 Schmid, Dr. E. F., Arzt, Kronenstr. 25.
22515 Schmid, Friedr., Bäckerei, Kanzleistr. 16.
21385 Schmid, Friedr., H.-Kleider, Ludwigsl.-Str.
7203 Schmid, Fritz, Kfm., Lerchenstr. 55.
24983 Schmid, Fritz, Photograph, Tüb.-Str. 3.
5775 [40808] Gebr. Schmid, Hand.-Ges., Ostendstr.
20328 Gebr. Schmid, Zigarettenfbr., Mönchh.-Str.
20971 Schmid, Georg, Privat., Ob. Birkenwaldstr.
24712 Schmid, G., Uhrenbestandteile, Eberh.-Str.
71656 Schmid, Gust., Werkzeuge, Tannenstr. 3A.
20994 Schmid, H., Möbelstoffe, Kanzleistr. 18.
40988 Schmid, Herm., Restaur., Schlachthof.
9023 [70486] Schmid, Hugo, N.-Weinsteige 80.
40994 Schmid, Jakob, Kleiderhdlg., Ostendstr. 64.
1542 Schmid, Jakob, Paulinenhof, Paulinenstr. 60.
70231 Schmid, Johanna, Papier, Böbl.-Str. 26.
2037 [41063] Schmid, J., Kfm., Gablenberg.
1461 [26217] Schmid, Dr. Jos., R.-A., Charl.-Str.
4843 Schmid, Julius, Kfm., Reinsb.-Str. 71.
7587 Schmid, Karl, Direktor, Schwabstr. 83.
40997 Schmid, Karl, Maler, Reinsburgstr. 61.
41049 Schmid, Karl, Metzger, Gaisburg.
8524 Schmid, Karl, Zahnarzt, Johannesstr. 15.
30406 Schmid, Karl, z. Löwen, Wangen.
3895 Schmid, Ludwig, Metzger, Vogelsangstr.
2791 Schmid, Oskar, Professor, Paulusstr. 5.
23061 Schmid, Otto, Geschäftsf., Marienstr. 2.
4418 Schmid, Paul, Metzger, Aug.-Str. 118.
40407 Schmid, Paul, Wwe., Pauline, Bäckerei, Gaisburg.
3774 Schmid, Peter, Dentist, Reinsburgstr. 57.
21415 Schmid, Rich., Diplomingen., Herzogstr. 3.
20047 Schmid, Richard, Metalle, L.-Pfaustr. 8.
23002 Schmid, Th., Subdirektor, Schloßstr. 77.
902 [70126] Schmid, Th., Vertret., Markuspl. 3.
